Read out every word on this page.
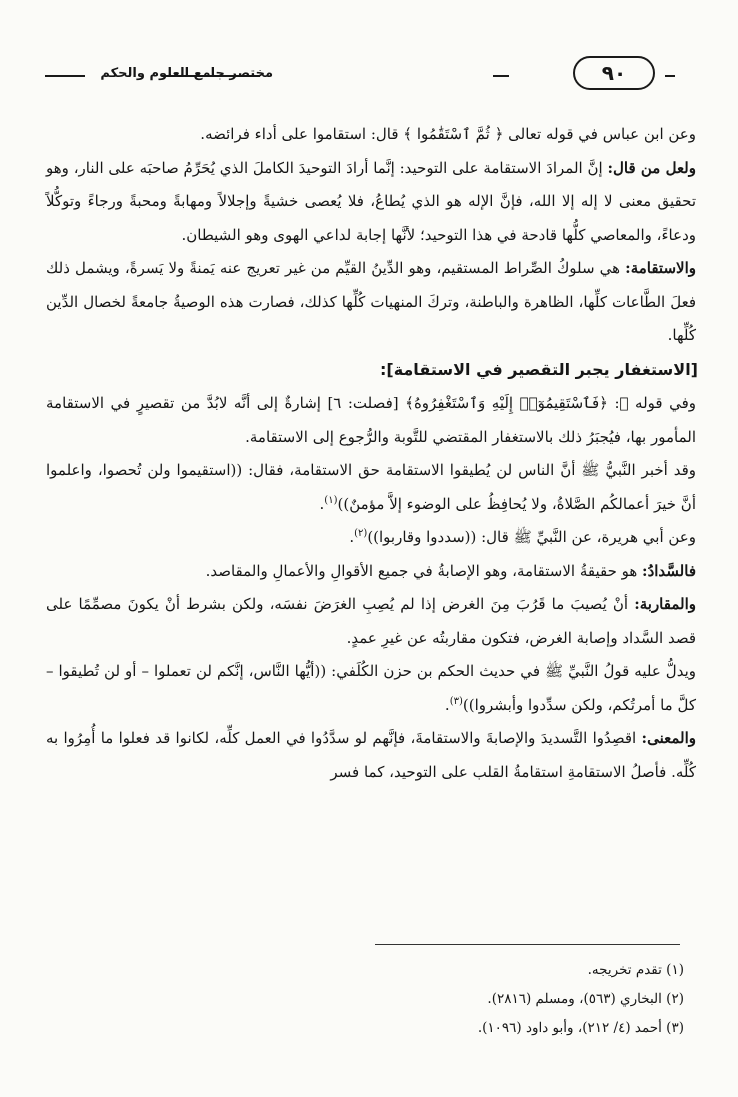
مختصر جامع العلوم والحكم	٩٠

وعن ابن عباس في قوله تعالى ﴿ ثُمَّ ٱسْتَقَٰمُوا ﴾ قال: استقاموا على أداء فرائضه.

ولعل من قال: إنَّ المرادَ الاستقامة على التوحيد: إنَّما أرادَ التوحيدَ الكاملَ الذي يُحَرِّمُ صاحبَه على النار، وهو تحقيق معنى لا إله إلا الله، فإنَّ الإله هو الذي يُطاعُ، فلا يُعصى خشيةً وإجلالاً ومهابةً ومحبةً ورجاءً وتوكُّلاً ودعاءً، والمعاصي كلُّها قادحة في هذا التوحيد؛ لأنَّها إجابة لداعي الهوى وهو الشيطان.

والاستقامة: هي سلوكُ الصِّراط المستقيم، وهو الدِّينُ القيِّم من غير تعريج عنه يَمنةً ولا يَسرةً، ويشمل ذلك فعلَ الطَّاعات كلِّها، الظاهرة والباطنة، وتركَ المنهيات كُلِّها كذلك، فصارت هذه الوصيةُ جامعةً لخصال الدِّين كُلِّها.

[الاستغفار يجبر التقصير في الاستقامة]:

وفي قوله ﷺ: ﴿فَٱسْتَقِيمُوٓا۟ إِلَيْهِ وَٱسْتَغْفِرُوهُ﴾ [فصلت: ٦] إشارةٌ إلى أنَّه لابُدَّ من تقصيرٍ في الاستقامة المأمور بها، فيُجبَرُ ذلك بالاستغفار المقتضي للتَّوبة والرُّجوع إلى الاستقامة.

وقد أخبر النَّبيُّ ﷺ أنَّ الناس لن يُطيقوا الاستقامة حق الاستقامة، فقال: ((استقيموا ولن تُحصوا، واعلموا أنَّ خيرَ أعمالكُم الصَّلاةُ، ولا يُحافِظُ على الوضوء إلاَّ مؤمنٌ))$^{(١)}$.

وعن أبي هريرة، عن النَّبيِّ ﷺ قال: ((سددوا وقاربوا))$^{(٢)}$.

فالسَّدادُ: هو حقيقةُ الاستقامة، وهو الإصابةُ في جميع الأقوالِ والأعمالِ والمقاصد.

والمقاربة: أنْ يُصيبَ ما قَرُبَ مِنَ الغرض إذا لم يُصِبِ الغرَضَ نفسَه، ولكن بشرط أنْ يكونَ مصمِّمًا على قصد السَّداد وإصابة الغرض، فتكون مقاربتُه عن غيرِ عمدٍ.

ويدلُّ عليه قولُ النَّبيِّ ﷺ في حديث الحكم بن حزن الكُلَفي: ((أيُّها النَّاس، إنَّكم لن تعملوا – أو لن تُطيقوا – كلَّ ما أمرتُكم، ولكن سدِّدوا وأبشروا))$^{(٣)}$.

والمعنى: اقصِدُوا التَّسديدَ والإصابةَ والاستقامةَ، فإنَّهم لو سدَّدُوا في العمل كلِّه، لكانوا قد فعلوا ما أُمِرُوا به كُلِّه. فأصلُ الاستقامةِ استقامةُ القلب على التوحيد، كما فسر

(١) تقدم تخريجه.
(٢) البخاري (٥٦٣)، ومسلم (٢٨١٦).
(٣) أحمد (٤/ ٢١٢)، وأبو داود (١٠٩٦).
